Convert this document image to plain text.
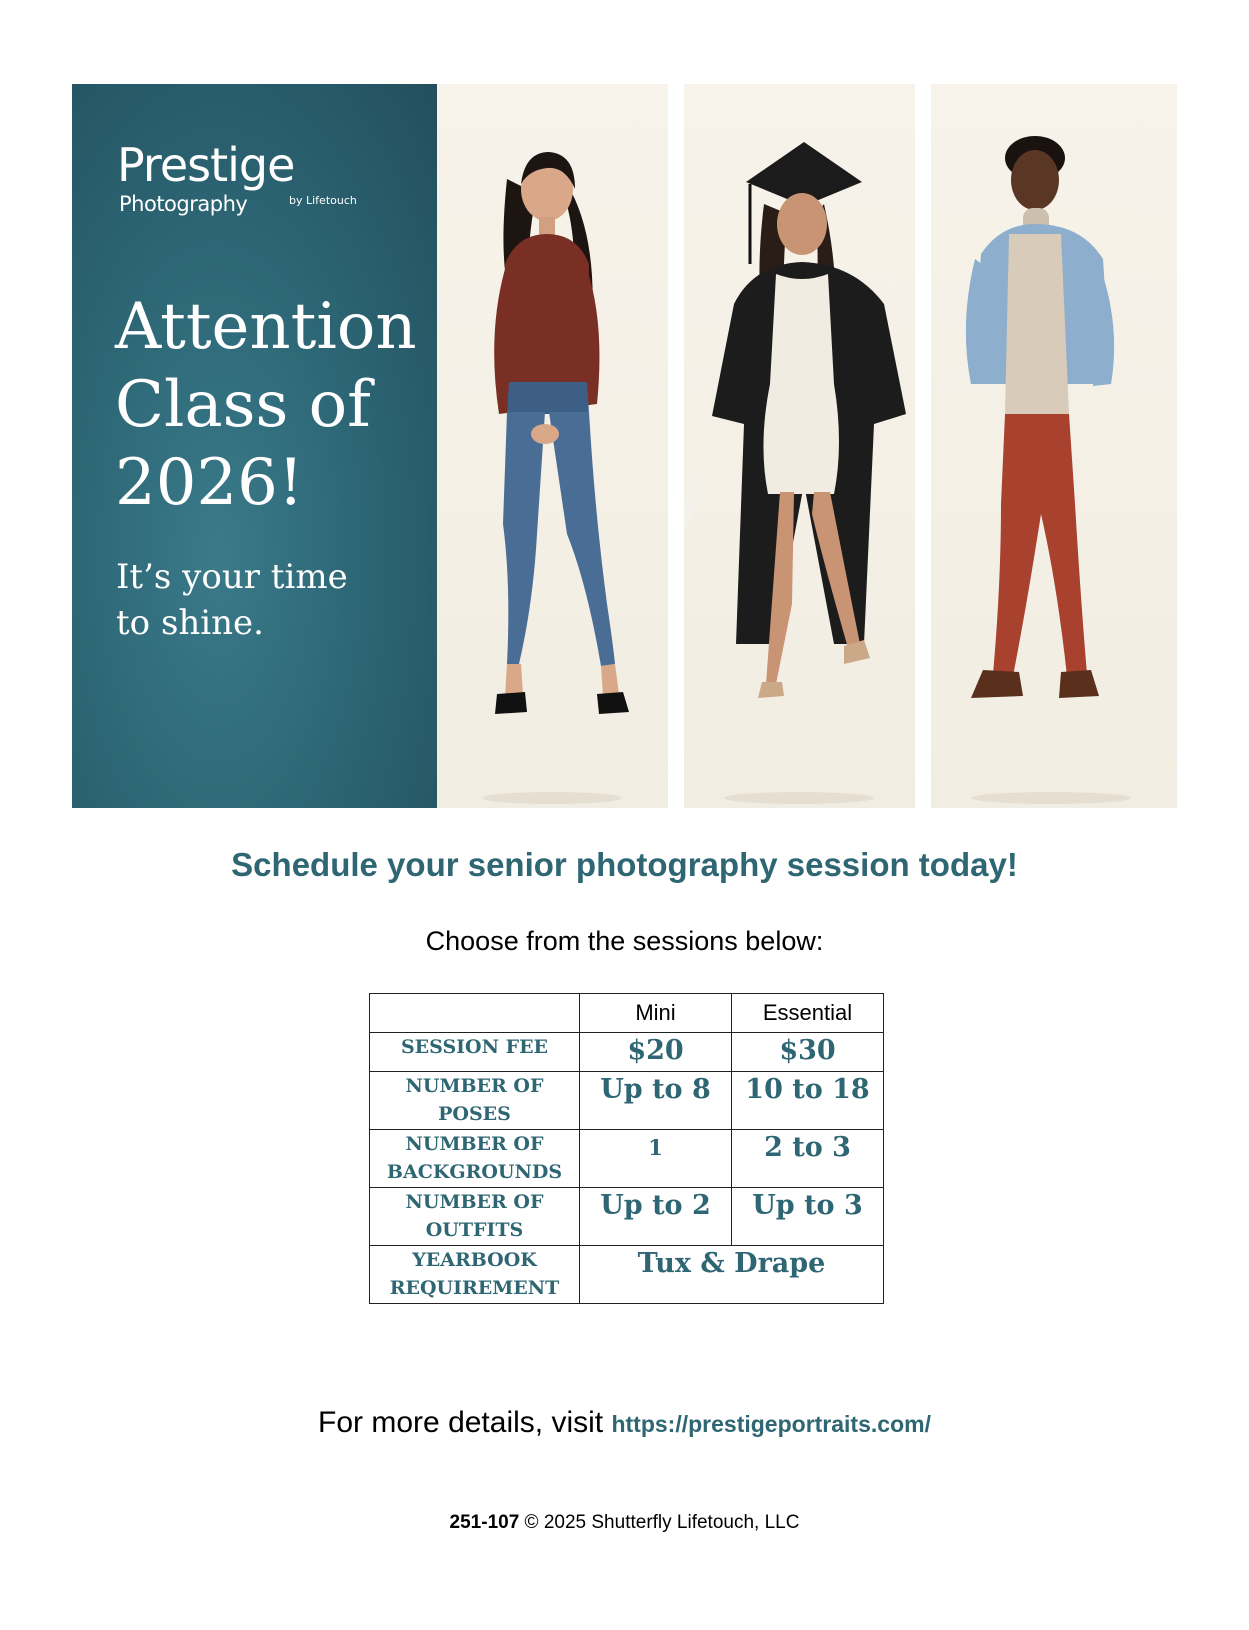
Prestige
Photography	by Lifetouch
Attention
Class of
2026!

It’s your time
to shine.

Schedule your senior photography session today!

Choose from the sessions below:

	Mini	Essential
SESSION FEE	$20	$30

NUMBER OF
POSES	Up to 8	10 to 18

NUMBER OF
BACKGROUNDS	1	2 to 3

NUMBER OF
OUTFITS	Up to 2	Up to 3

YEARBOOK
REQUIREMENT	Tux & Drape	

For more details, visit https://prestigeportraits.com/

251-107 © 2025 Shutterfly Lifetouch, LLC
